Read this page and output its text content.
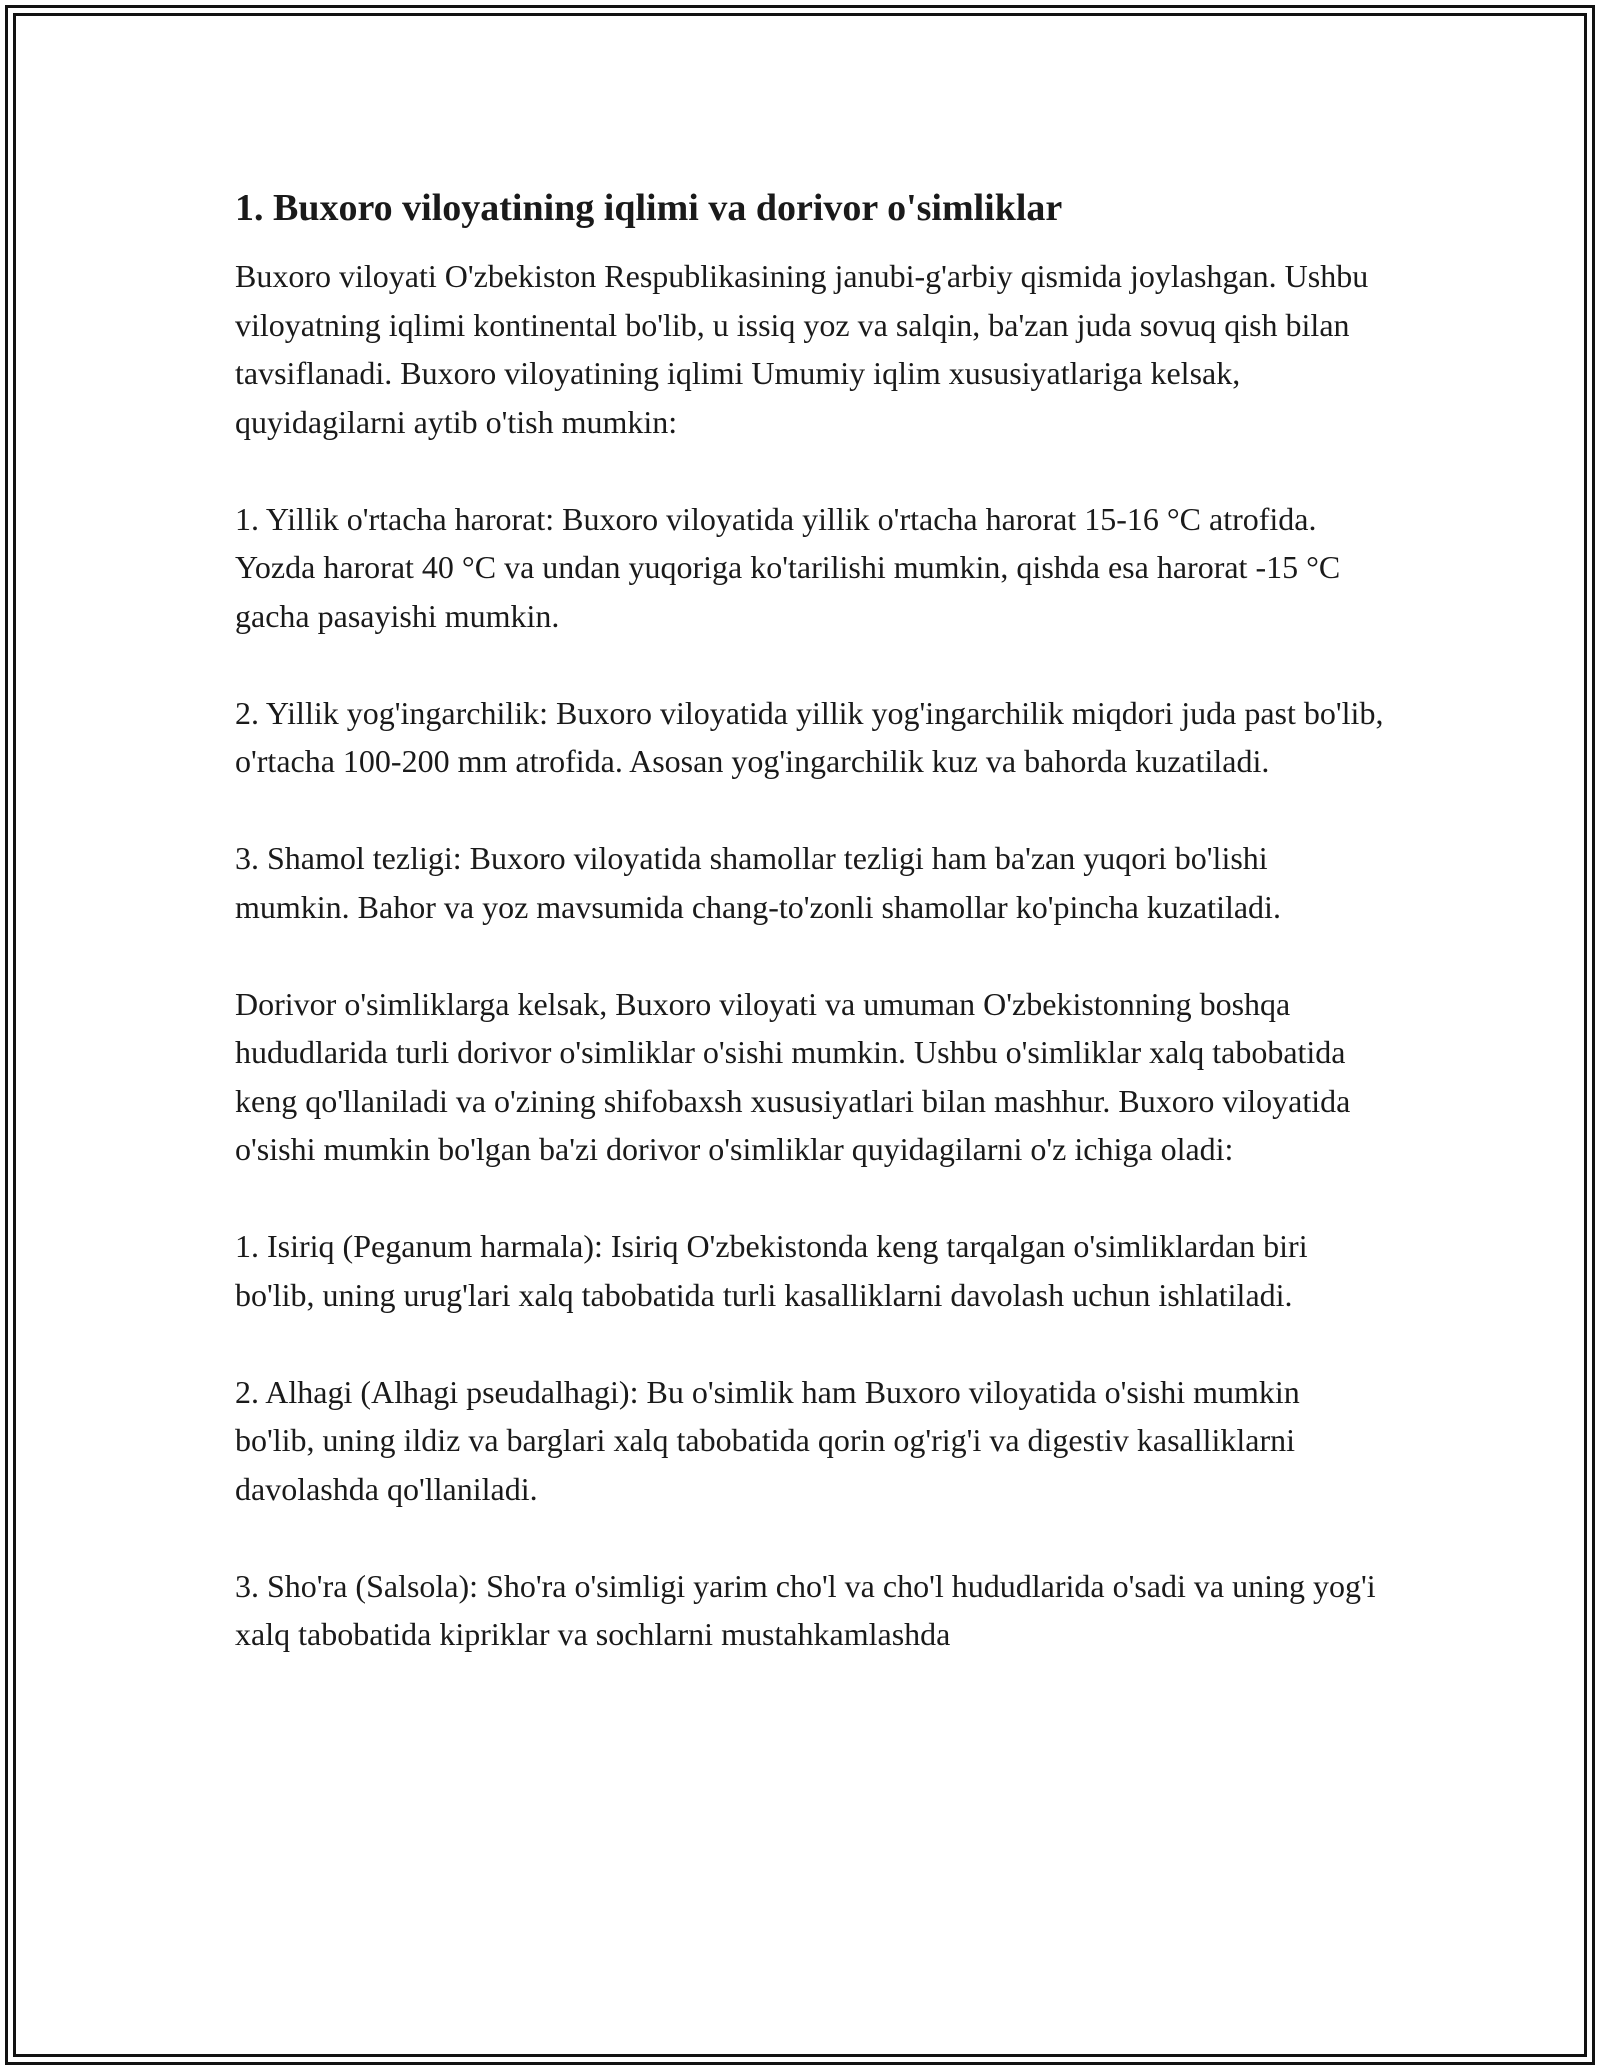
1. Buxoro viloyatining iqlimi va dorivor o'simliklar
Buxoro viloyati O'zbekiston Respublikasining janubi-g'arbiy qismida joylashgan. Ushbu viloyatning iqlimi kontinental bo'lib, u issiq yoz va salqin, ba'zan juda sovuq qish bilan tavsiflanadi. Buxoro viloyatining iqlimi Umumiy iqlim xususiyatlariga kelsak, quyidagilarni aytib o'tish mumkin:
1. Yillik o'rtacha harorat: Buxoro viloyatida yillik o'rtacha harorat 15-16 °C atrofida. Yozda harorat 40 °C va undan yuqoriga ko'tarilishi mumkin, qishda esa harorat -15 °C gacha pasayishi mumkin.
2. Yillik yog'ingarchilik: Buxoro viloyatida yillik yog'ingarchilik miqdori juda past bo'lib, o'rtacha 100-200 mm atrofida. Asosan yog'ingarchilik kuz va bahorda kuzatiladi.
3. Shamol tezligi: Buxoro viloyatida shamollar tezligi ham ba'zan yuqori bo'lishi mumkin. Bahor va yoz mavsumida chang-to'zonli shamollar ko'pincha kuzatiladi.
Dorivor o'simliklarga kelsak, Buxoro viloyati va umuman O'zbekistonning boshqa hududlarida turli dorivor o'simliklar o'sishi mumkin. Ushbu o'simliklar xalq tabobatida keng qo'llaniladi va o'zining shifobaxsh xususiyatlari bilan mashhur. Buxoro viloyatida o'sishi mumkin bo'lgan ba'zi dorivor o'simliklar quyidagilarni o'z ichiga oladi:
1. Isiriq (Peganum harmala): Isiriq O'zbekistonda keng tarqalgan o'simliklardan biri bo'lib, uning urug'lari xalq tabobatida turli kasalliklarni davolash uchun ishlatiladi.
2. Alhagi (Alhagi pseudalhagi): Bu o'simlik ham Buxoro viloyatida o'sishi mumkin bo'lib, uning ildiz va barglari xalq tabobatida qorin og'rig'i va digestiv kasalliklarni davolashda qo'llaniladi.
3. Sho'ra (Salsola): Sho'ra o'simligi yarim cho'l va cho'l hududlarida o'sadi va uning yog'i xalq tabobatida kipriklar va sochlarni mustahkamlashda
